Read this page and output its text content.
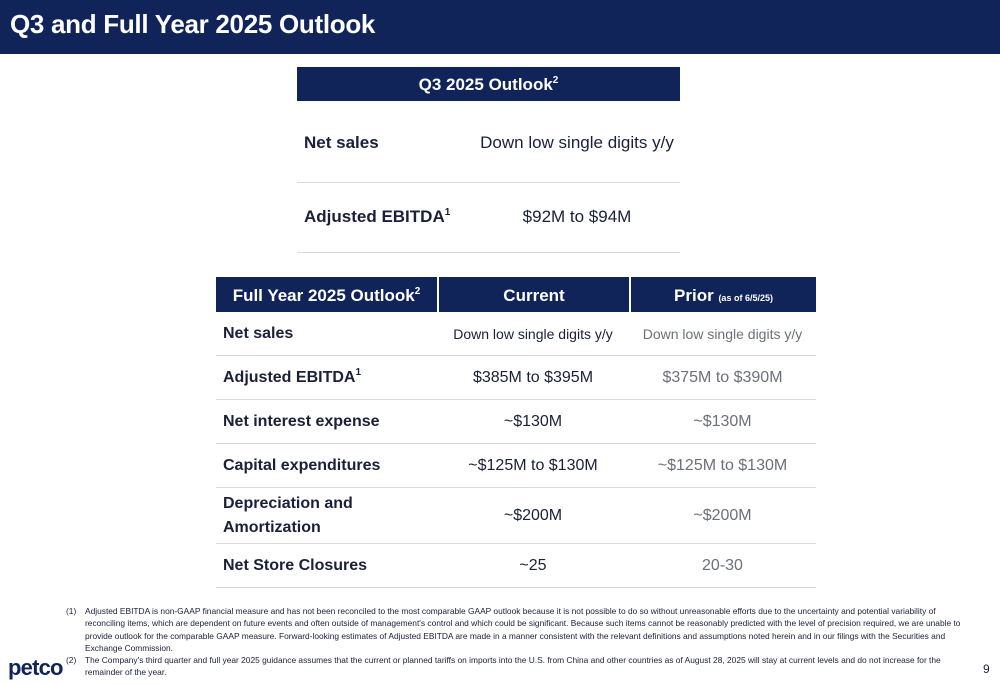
Q3 and Full Year 2025 Outlook
Q3 2025 Outlook$^2$
Net sales	Down low single digits y/y
Adjusted EBITDA$^1$	$92M to $94M
Full Year 2025 Outlook$^2$	Current	Prior (as of 6/5/25)
Net sales	Down low single digits y/y	Down low single digits y/y
Adjusted EBITDA$^1$	$385M to $395M	$375M to $390M
Net interest expense	~$130M	~$130M
Capital expenditures	~$125M to $130M	~$125M to $130M
Depreciation and
Amortization
~$200M	~$200M
Net Store Closures	~25	20-30
(1) Adjusted EBITDA is non-GAAP financial measure and has not been reconciled to the most comparable GAAP outlook because it is not possible to do so without unreasonable efforts due to the uncertainty and potential variability of reconciling items, which are dependent on future events and often outside of management's control and which could be significant. Because such items cannot be reasonably predicted with the level of precision required, we are unable to provide outlook for the comparable GAAP measure. Forward-looking estimates of Adjusted EBITDA are made in a manner consistent with the relevant definitions and assumptions noted herein and in our filings with the Securities and Exchange Commission.
(2) The Company's third quarter and full year 2025 guidance assumes that the current or planned tariffs on imports into the U.S. from China and other countries as of August 28, 2025 will stay at current levels and do not increase for the remainder of the year.
petco	9
